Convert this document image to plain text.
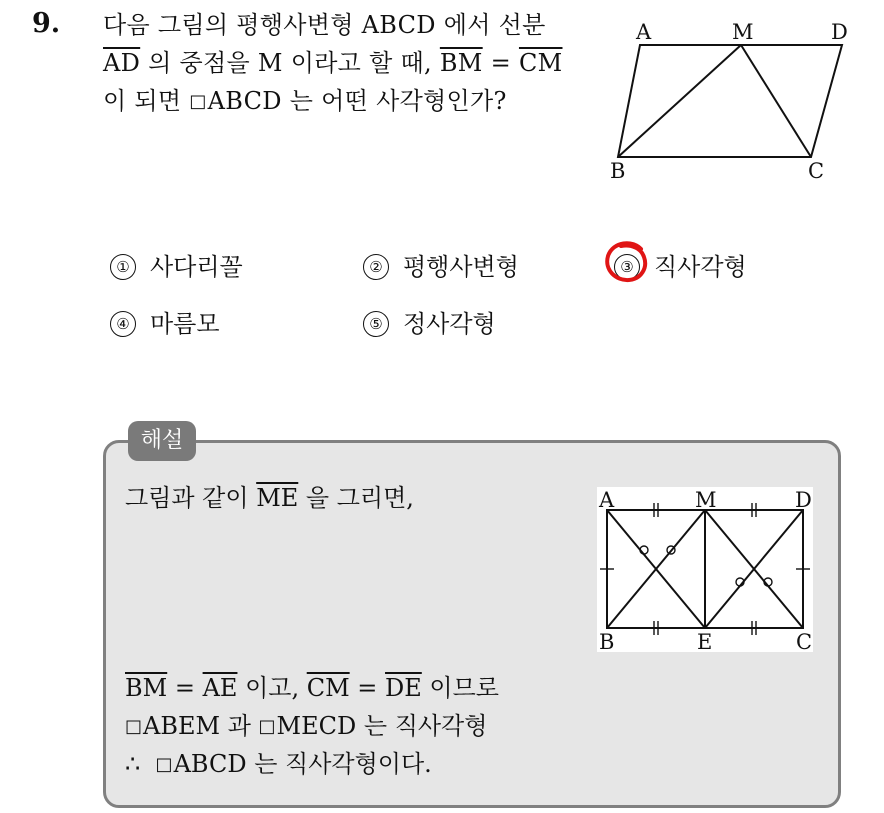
9. 다음 그림의 평행사변형 ABCD 에서 선분
$\overline{AD}$ 의 중점을 M 이라고 할 때, $\overline{BM} = \overline{CM}$
이 되면 □ABCD 는 어떤 사각형인가?
A	M	D
B	C
① 사다리꼴	② 평행사변형	③ 직사각형
④ 마름모	⑤ 정사각형
해설
그림과 같이 $\overline{ME}$ 을 그리면,	A	M	D
B	E	C
$\overline{BM} = \overline{AE}$ 이고, $\overline{CM} = \overline{DE}$ 이므로
□ABEM 과 □MECD 는 직사각형
∴ □ABCD 는 직사각형이다.
